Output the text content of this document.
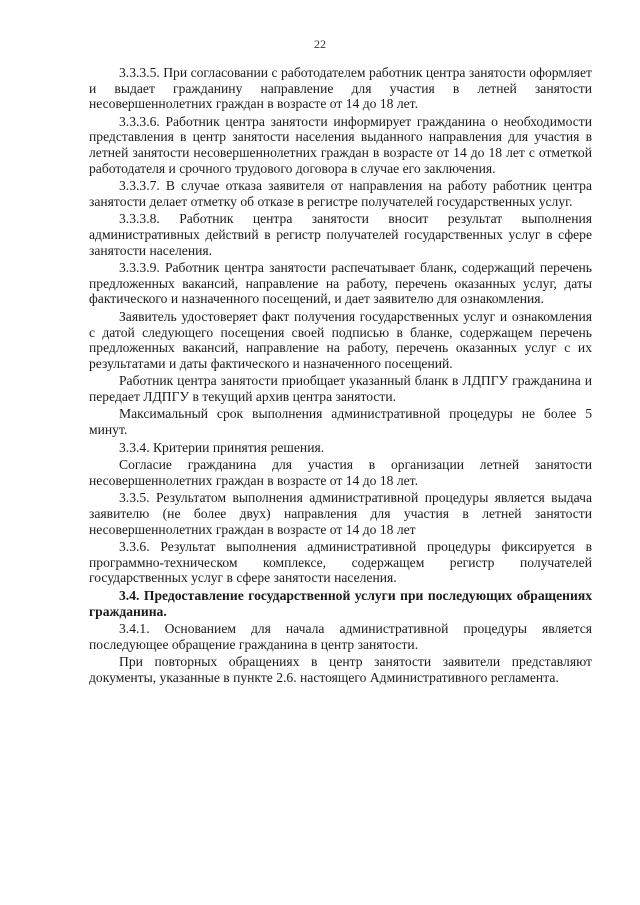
22

3.3.3.5. При согласовании с работодателем работник центра занятости оформляет и выдает гражданину направление для участия в летней занятости несовершеннолетних граждан в возрасте от 14 до 18 лет.

3.3.3.6. Работник центра занятости информирует гражданина о необходимости представления в центр занятости населения выданного направления для участия в летней занятости несовершеннолетних граждан в возрасте от 14 до 18 лет с отметкой работодателя и срочного трудового договора в случае его заключения.

3.3.3.7. В случае отказа заявителя от направления на работу работник центра занятости делает отметку об отказе в регистре получателей государственных услуг.

3.3.3.8. Работник центра занятости вносит результат выполнения административных действий в регистр получателей государственных услуг в сфере занятости населения.

3.3.3.9. Работник центра занятости распечатывает бланк, содержащий перечень предложенных вакансий, направление на работу, перечень оказанных услуг, даты фактического и назначенного посещений, и дает заявителю для ознакомления.

Заявитель удостоверяет факт получения государственных услуг и ознакомления с датой следующего посещения своей подписью в бланке, содержащем перечень предложенных вакансий, направление на работу, перечень оказанных услуг с их результатами и даты фактического и назначенного посещений.

Работник центра занятости приобщает указанный бланк в ЛДПГУ гражданина и передает ЛДПГУ в текущий архив центра занятости.

Максимальный срок выполнения административной процедуры не более 5 минут.

3.3.4. Критерии принятия решения.

Согласие гражданина для участия в организации летней занятости несовершеннолетних граждан в возрасте от 14 до 18 лет.

3.3.5. Результатом выполнения административной процедуры является выдача заявителю (не более двух) направления для участия в летней занятости несовершеннолетних граждан в возрасте от 14 до 18 лет

3.3.6. Результат выполнения административной процедуры фиксируется в программно-техническом комплексе, содержащем регистр получателей государственных услуг в сфере занятости населения.

3.4. Предоставление государственной услуги при последующих обращениях гражданина.

3.4.1. Основанием для начала административной процедуры является последующее обращение гражданина в центр занятости.

При повторных обращениях в центр занятости заявители представляют документы, указанные в пункте 2.6. настоящего Административного регламента.
